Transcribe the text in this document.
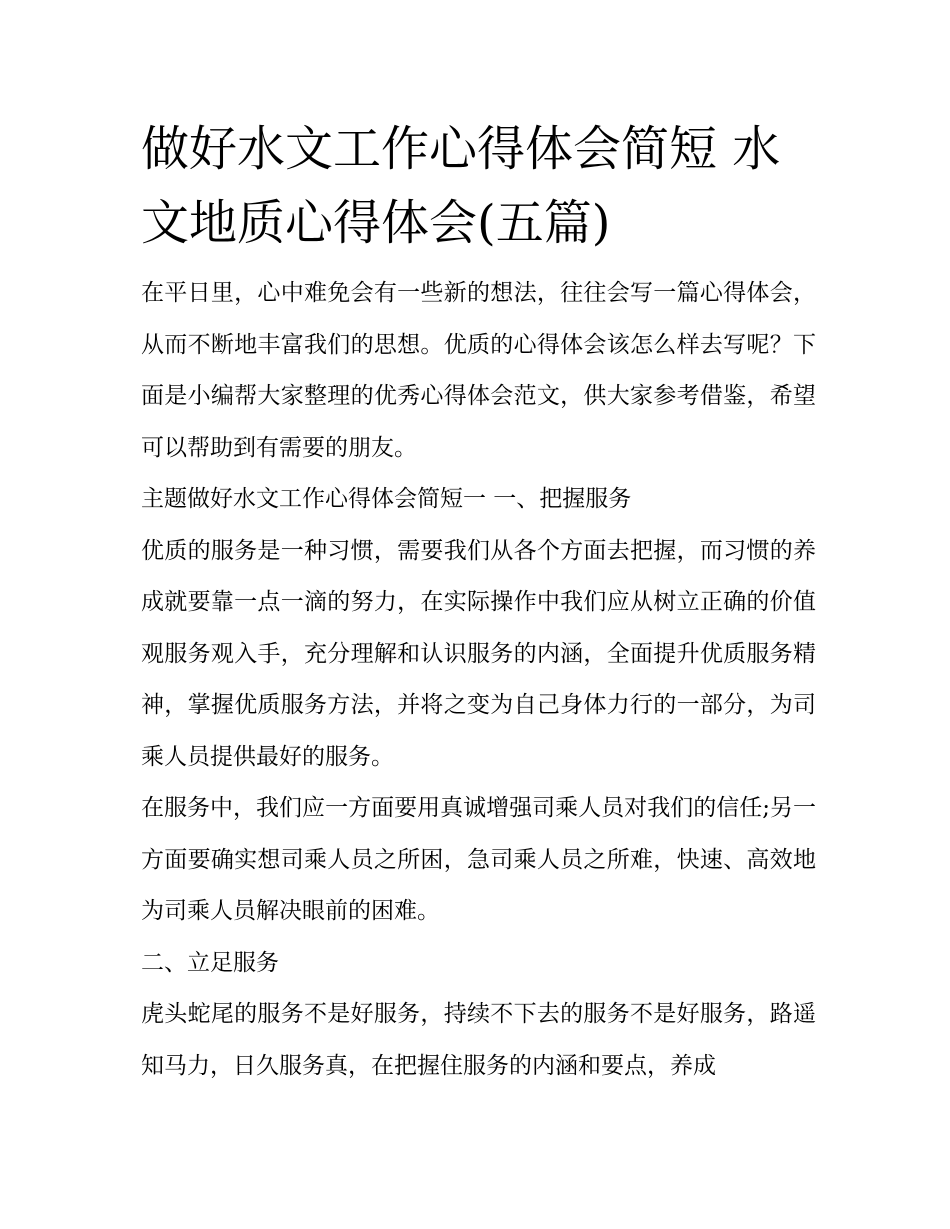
做好水文工作心得体会简短 水文地质心得体会(五篇)

在平日里，心中难免会有一些新的想法，往往会写一篇心得体会，从而不断地丰富我们的思想。优质的心得体会该怎么样去写呢？下面是小编帮大家整理的优秀心得体会范文，供大家参考借鉴，希望可以帮助到有需要的朋友。

主题做好水文工作心得体会简短一 一、把握服务

优质的服务是一种习惯，需要我们从各个方面去把握，而习惯的养成就要靠一点一滴的努力，在实际操作中我们应从树立正确的价值观服务观入手，充分理解和认识服务的内涵，全面提升优质服务精神，掌握优质服务方法，并将之变为自己身体力行的一部分，为司乘人员提供最好的服务。

在服务中，我们应一方面要用真诚增强司乘人员对我们的信任;另一方面要确实想司乘人员之所困，急司乘人员之所难，快速、高效地为司乘人员解决眼前的困难。

二、立足服务

虎头蛇尾的服务不是好服务，持续不下去的服务不是好服务，路遥知马力，日久服务真，在把握住服务的内涵和要点，养成
